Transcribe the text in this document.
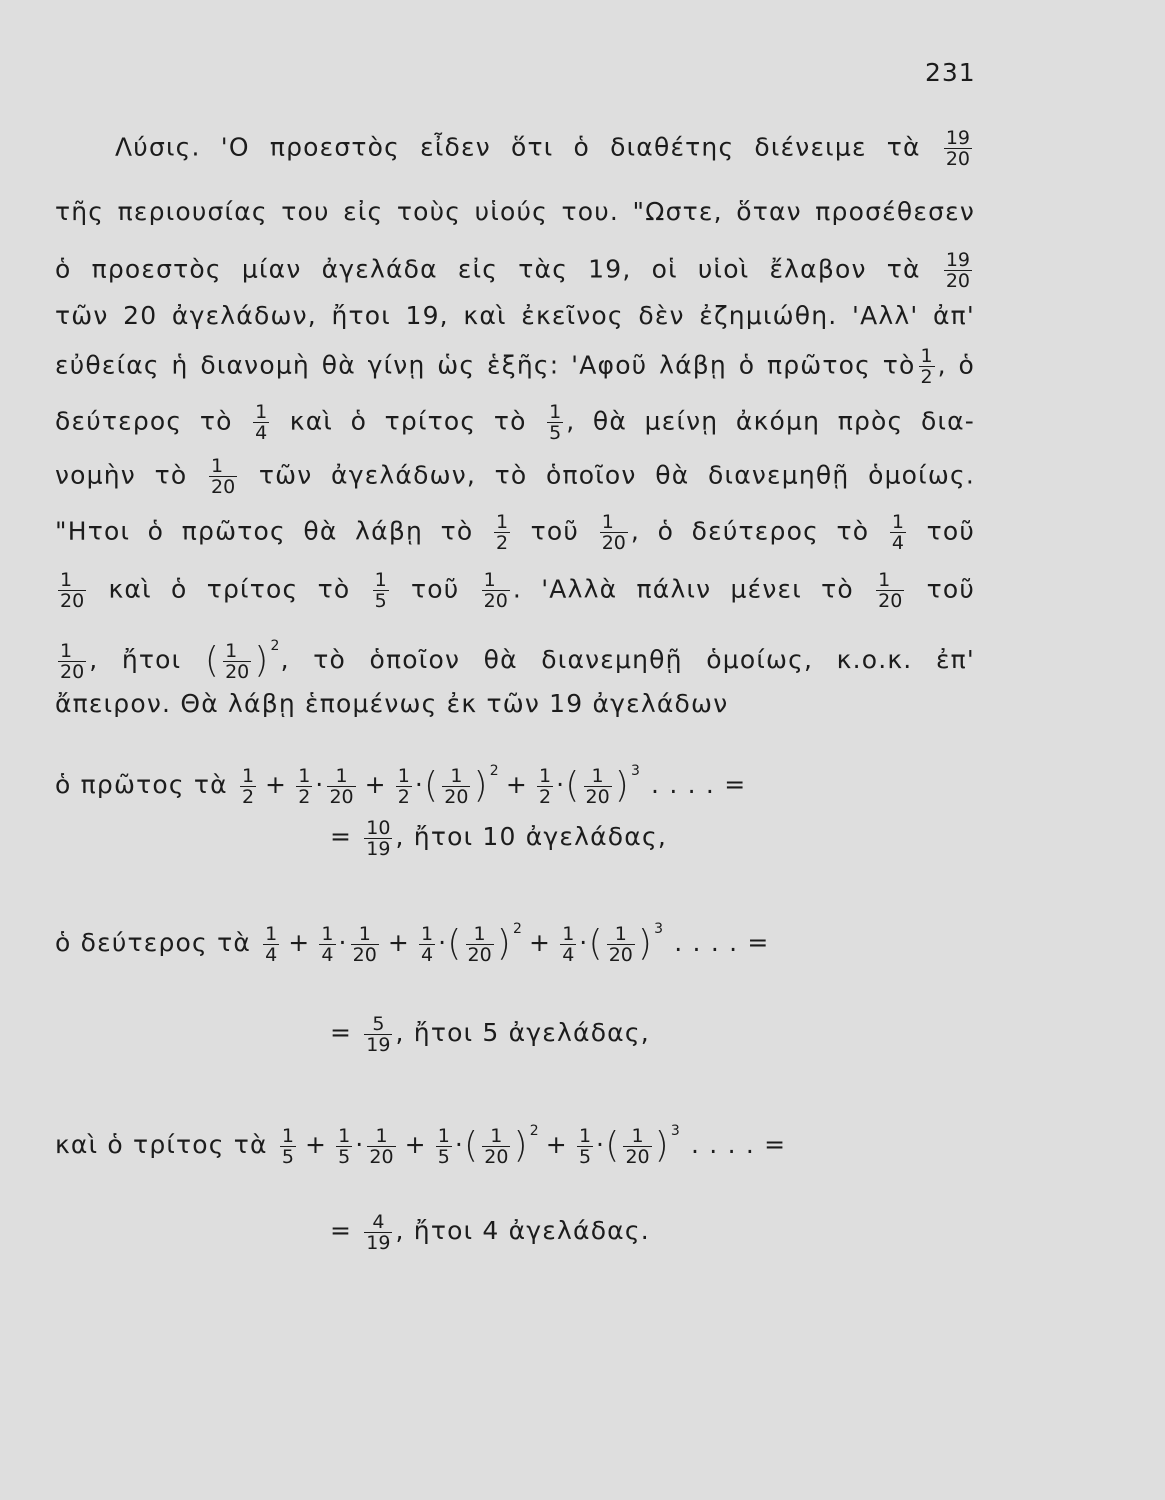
231
Λύσις. 'Ο προεστὸς εἶδεν ὅτι ὁ διαθέτης διένειμε τὰ $\frac{19}{20}$
τῆς περιουσίας του εἰς τοὺς υἱούς του. "Ωστε, ὅταν προσέθεσεν
ὁ προεστὸς μίαν ἀγελάδα εἰς τὰς 19, οἱ υἱοὶ ἔλαβον τὰ $\frac{19}{20}$
τῶν 20 ἀγελάδων, ἤτοι 19, καὶ ἐκεῖνος δὲν ἐζημιώθη. 'Αλλ' ἀπ'
εὐθείας ἡ διανομὴ θὰ γίνῃ ὡς ἑξῆς: 'Αφοῦ λάβῃ ὁ πρῶτος τὸ $\frac{1}{2}$ , ὁ
δεύτερος τὸ $\frac{1}{4}$ καὶ ὁ τρίτος τὸ $\frac{1}{5}$ , θὰ μείνῃ ἀκόμη πρὸς δια-
νομὴν τὸ $\frac{1}{20}$ τῶν ἀγελάδων, τὸ ὁποῖον θὰ διανεμηθῇ ὁμοίως.
"Ητοι ὁ πρῶτος θὰ λάβῃ τὸ $\frac{1}{2}$ τοῦ $\frac{1}{20}$ , ὁ δεύτερος τὸ $\frac{1}{4}$ τοῦ
$\frac{1}{20}$ καὶ ὁ τρίτος τὸ $\frac{1}{5}$ τοῦ $\frac{1}{20}$ . 'Αλλὰ πάλιν μένει τὸ $\frac{1}{20}$ τοῦ
$\frac{1}{20}$ , ἤτοι ( $\frac{1}{20} )^2$, τὸ ὁποῖον θὰ διανεμηθῇ ὁμοίως, κ.ο.κ. ἐπ'
ἄπειρον. Θὰ λάβῃ ἑπομένως ἐκ τῶν 19 ἀγελάδων
ὁ πρῶτος τὰ $\frac{1}{2} + \frac{1}{2} \cdot \frac{1}{20} + \frac{1}{2}$ ·( $\frac{1}{20} )^2 + \frac{1}{2}$ ·( $\frac{1}{20} )^3$ . . . . =
= $\frac{10}{19}$ , ἤτοι 10 ἀγελάδας,
ὁ δεύτερος τὰ $\frac{1}{4} + \frac{1}{4} \cdot \frac{1}{20} + \frac{1}{4}$ ·( $\frac{1}{20} )^2 + \frac{1}{4}$ ·( $\frac{1}{20} )^3$ . . . . =
= $\frac{5}{19}$ , ἤτοι 5 ἀγελάδας,
καὶ ὁ τρίτος τὰ $\frac{1}{5} + \frac{1}{5} \cdot \frac{1}{20} + \frac{1}{5}$ ·( $\frac{1}{20} )^2 + \frac{1}{5}$ ·( $\frac{1}{20} )^3$ . . . . =
= $\frac{4}{19}$ , ἤτοι 4 ἀγελάδας.
